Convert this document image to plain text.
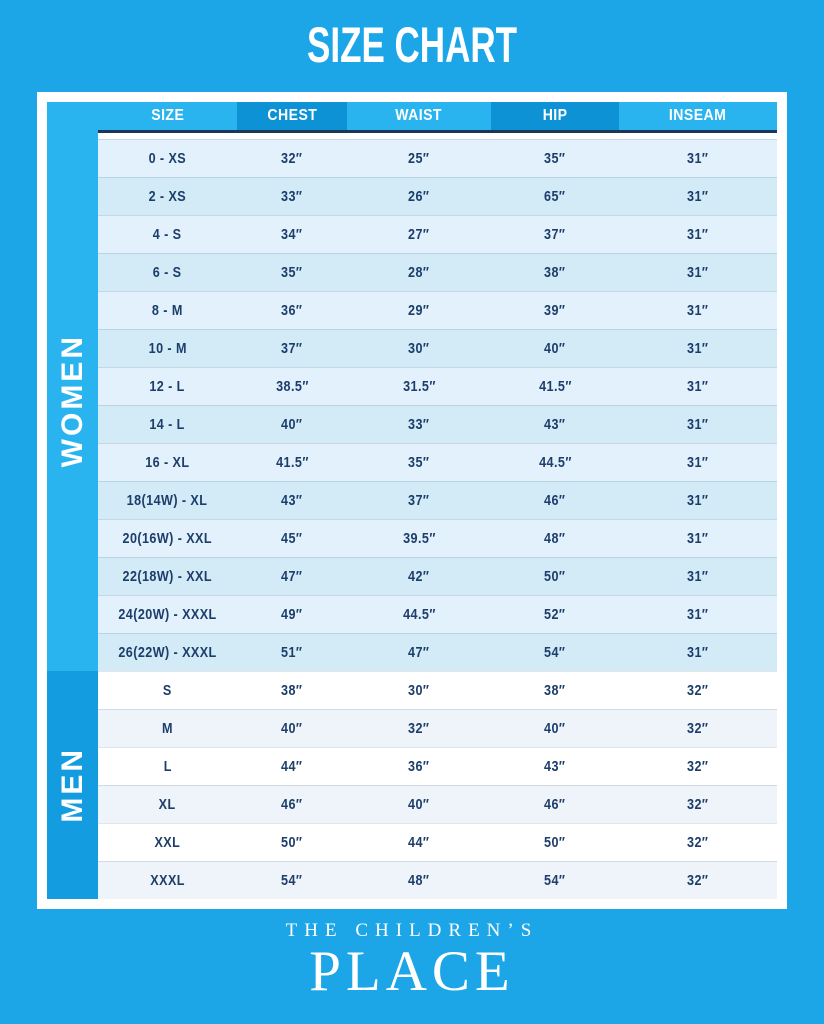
SIZE CHART
SIZE	CHEST	WAIST	HIP	INSEAM
WOMEN
MEN
0 - XS	32″	25″	35″	31″
2 - XS	33″	26″	65″	31″
4 - S	34″	27″	37″	31″
6 - S	35″	28″	38″	31″
8 - M	36″	29″	39″	31″
10 - M	37″	30″	40″	31″
12 - L	38.5″	31.5″	41.5″	31″
14 - L	40″	33″	43″	31″
16 - XL	41.5″	35″	44.5″	31″
18(14W) - XL	43″	37″	46″	31″
20(16W) - XXL	45″	39.5″	48″	31″
22(18W) - XXL	47″	42″	50″	31″
24(20W) - XXXL	49″	44.5″	52″	31″
26(22W) - XXXL	51″	47″	54″	31″
S	38″	30″	38″	32″
M	40″	32″	40″	32″
L	44″	36″	43″	32″
XL	46″	40″	46″	32″
XXL	50″	44″	50″	32″
XXXL	54″	48″	54″	32″

THE CHILDREN’S

PLACE
